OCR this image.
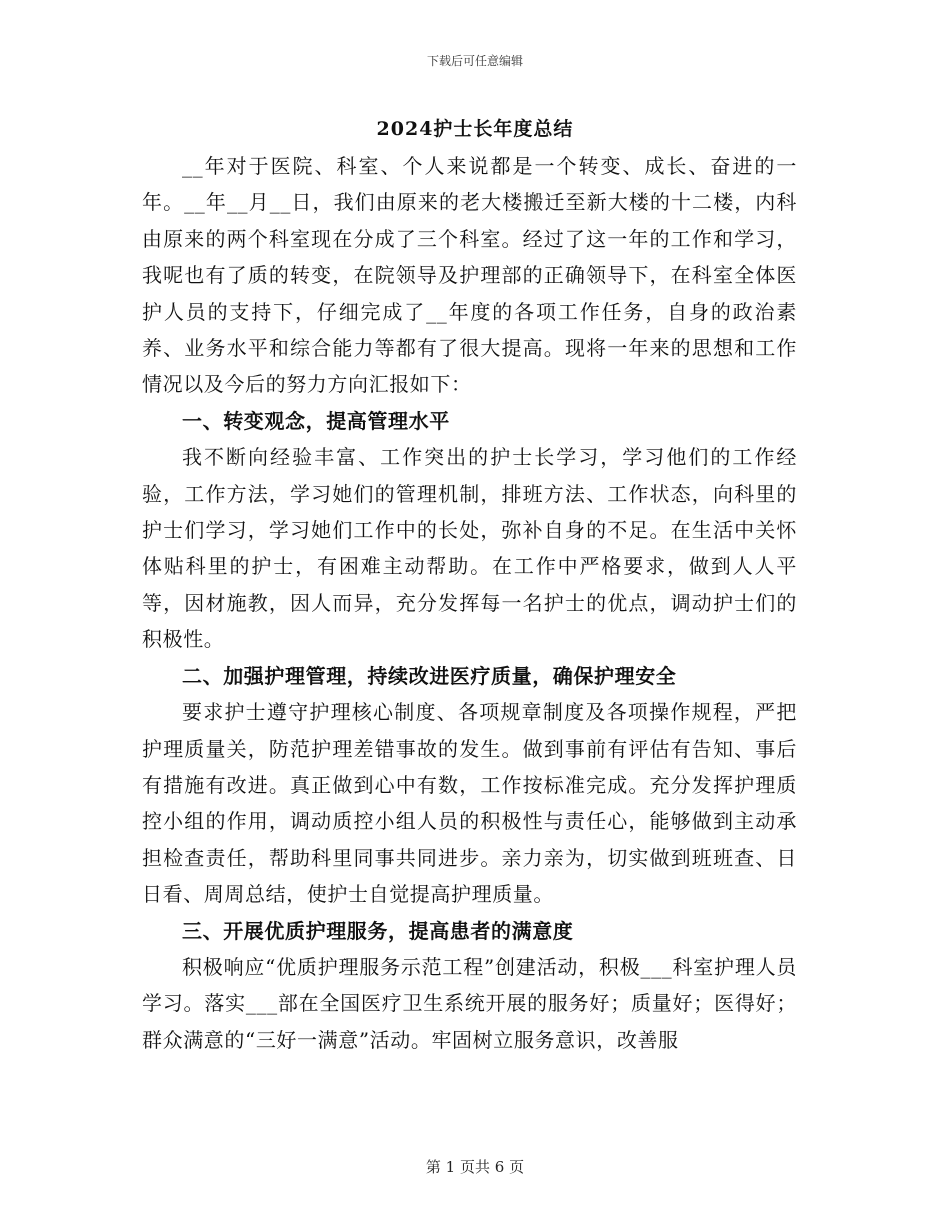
下载后可任意编辑
2024护士长年度总结

__年对于医院、科室、个人来说都是一个转变、成长、奋进的一年。__年__月__日，我们由原来的老大楼搬迁至新大楼的十二楼，内科由原来的两个科室现在分成了三个科室。经过了这一年的工作和学习，我呢也有了质的转变，在院领导及护理部的正确领导下，在科室全体医护人员的支持下，仔细完成了__年度的各项工作任务，自身的政治素养、业务水平和综合能力等都有了很大提高。现将一年来的思想和工作情况以及今后的努力方向汇报如下：

一、转变观念，提高管理水平

我不断向经验丰富、工作突出的护士长学习，学习他们的工作经验，工作方法，学习她们的管理机制，排班方法、工作状态，向科里的护士们学习，学习她们工作中的长处，弥补自身的不足。在生活中关怀体贴科里的护士，有困难主动帮助。在工作中严格要求，做到人人平等，因材施教，因人而异，充分发挥每一名护士的优点，调动护士们的积极性。

二、加强护理管理，持续改进医疗质量，确保护理安全

要求护士遵守护理核心制度、各项规章制度及各项操作规程，严把护理质量关，防范护理差错事故的发生。做到事前有评估有告知、事后有措施有改进。真正做到心中有数，工作按标准完成。充分发挥护理质控小组的作用，调动质控小组人员的积极性与责任心，能够做到主动承担检查责任，帮助科里同事共同进步。亲力亲为，切实做到班班查、日日看、周周总结，使护士自觉提高护理质量。

三、开展优质护理服务，提高患者的满意度

积极响应“优质护理服务示范工程”创建活动，积极___科室护理人员学习。落实___部在全国医疗卫生系统开展的服务好；质量好；医得好；群众满意的“三好一满意”活动。牢固树立服务意识，改善服

第 1 页共 6 页
